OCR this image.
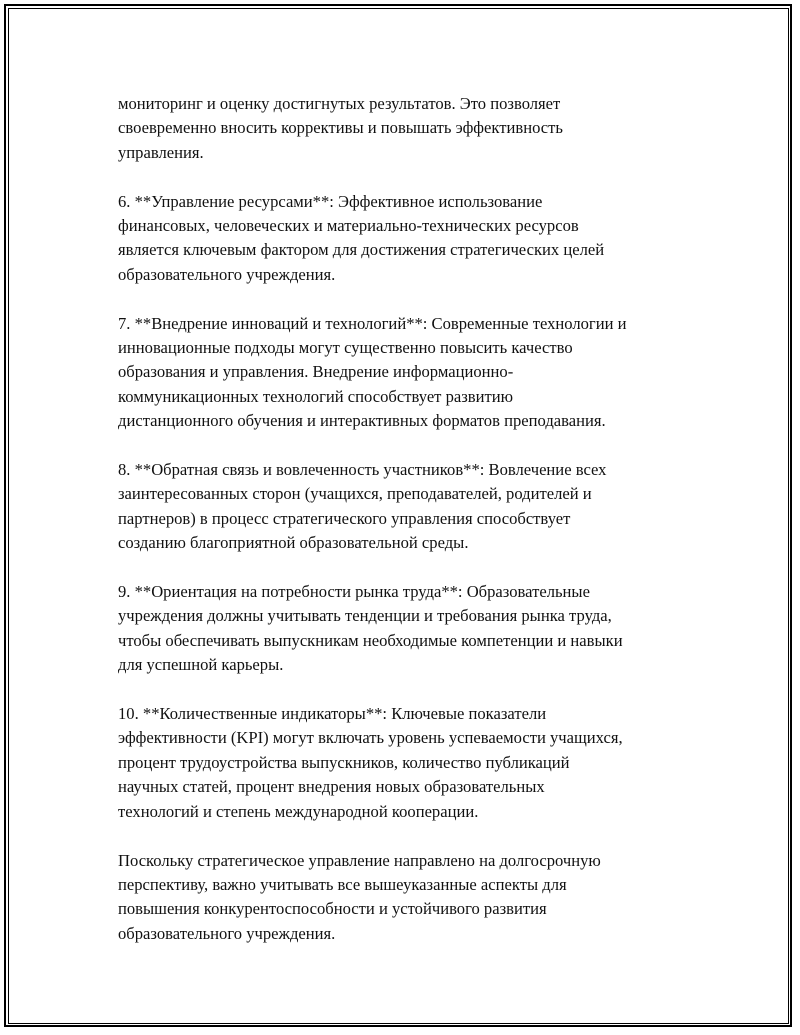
мониторинг и оценку достигнутых результатов. Это позволяет
своевременно вносить коррективы и повышать эффективность
управления.

6. **Управление ресурсами**: Эффективное использование
финансовых, человеческих и материально-технических ресурсов
является ключевым фактором для достижения стратегических целей
образовательного учреждения.

7. **Внедрение инноваций и технологий**: Современные технологии и
инновационные подходы могут существенно повысить качество
образования и управления. Внедрение информационно-
коммуникационных технологий способствует развитию
дистанционного обучения и интерактивных форматов преподавания.

8. **Обратная связь и вовлеченность участников**: Вовлечение всех
заинтересованных сторон (учащихся, преподавателей, родителей и
партнеров) в процесс стратегического управления способствует
созданию благоприятной образовательной среды.

9. **Ориентация на потребности рынка труда**: Образовательные
учреждения должны учитывать тенденции и требования рынка труда,
чтобы обеспечивать выпускникам необходимые компетенции и навыки
для успешной карьеры.

10. **Количественные индикаторы**: Ключевые показатели
эффективности (KPI) могут включать уровень успеваемости учащихся,
процент трудоустройства выпускников, количество публикаций
научных статей, процент внедрения новых образовательных
технологий и степень международной кооперации.

Поскольку стратегическое управление направлено на долгосрочную
перспективу, важно учитывать все вышеуказанные аспекты для
повышения конкурентоспособности и устойчивого развития
образовательного учреждения.
